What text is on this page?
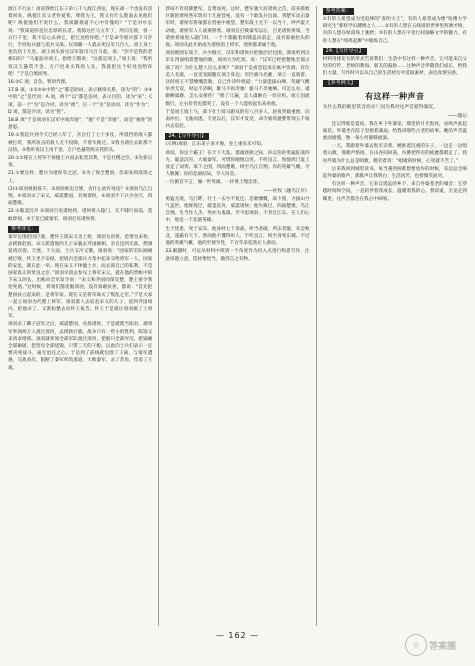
渡江不行去！再说我给江东子弟八千人渡江西征，现在却一个也没有活着回来，纵使江东父老怜爱我，尊我为王，我又有什么脸面去见他们呢？纵使他们不说什么，我项籍难道不心中有愧吗？”于是对亭长说：“我知道你是位忠厚的长者。我骑这匹马五年了，所向无敌，曾一日行千里，我不忍心杀掉它，把它送给你吧。”于是命令骑兵都下马步行，手持短兵器与追兵交战。仅项籍一人就杀死汉军几百人。项王身上也负伤十几处。项王回头看见汉军骑司马吕马童，说：“你不是我的老相识吗？”马童面对项王，指给王翳说：“这就是项王。”项王说：“我听说汉王悬赏千金、万户邑来买我的人头，我就把这个好处送给你吧！”于是自刎而死。

16.②C 项；自负，暂时代理。

17.B 项，①②⑤⑥中的“之”都是助词，表示修饰关系，译为“的”；③④中的“之”是代词；A 项，两个“以”都是连词，表示目的，译为“来”；C 项，前一个“为”是介词，译为“被”，后一个“为”是动词，译为“作为”；D 项，都是介词，译为“把”。

18.B 项“于是项羽在汉军中间奔驰”，“驰”不是“奔驰”，而是“驰进”的意思。

19.①我起兵到今天已经八年了，亲自打了七十多仗，所抵挡的敌人都被打垮，我所攻击的敌人无不投降，不曾失败过。②我为诸位去斩那个汉将。③我听说汉王用千金、万户邑悬赏购买我的头。

20.①①现在上将军不体恤士兵而去私营其利，不是社稷之臣。②先斩后奏。

21.①要这样；楚兵为诸侯军之冠。②为了保全楚国，但却来到战场之上。

(2)①项羽被困垓下。②项羽被迫自刎，为什么放弃进攻？③项羽乌江自刎。④项羽杀了宋义，威震楚国，名闻诸侯。⑤项羽手下兵少食尽，四面楚歌。

22.①破釜沉舟 ②项羽召见诸侯将，诸侯将入辕门，无不膝行而前，莫敢仰视。③于是已破秦军，项羽召见诸侯将。

参考译文：

秦军包围赵国巨鹿，楚怀王派宋义为上将，项羽为次将，范增为末将，去援救赵国。宋义派遣他的儿子宋襄去齐国做相，亲自送到无盐，摆酒宴请宾客。天寒，下大雨，士兵又冷又饿。项羽说：“国家的军队刚刚被打败，怀王坐不安稳，把境内全部兵力集中起来交给将军一人，国家的安危，就在此一举。现在宋义不体恤士兵，而去谋自己的私利，不是国家真正的贤良之臣。”项羽早晨去参见上将军宋义，就在他的营帐中斩下宋义的头，出帐向全军发令说：“宋义和齐国同谋反楚，楚王密令我处死他。”这时候，将领们都畏服项羽，没有谁敢抗拒，都说：“首先把楚国扶立起来的，是将军家。现在又是将军诛灭了叛乱之臣。”于是大家一起立项羽为代理上将军。项羽派人去追赶宋义的儿子，追到齐国境内，把他杀了。又派桓楚去向怀王报告。怀王于是就让项羽做了上将军。

项羽杀了卿子冠军之后，威震楚国，名扬诸侯。于是就派当阳君、蒲将军率领两万人渡过漳河，去援救巨鹿。战争只有一些小的胜利，陈馀又来请求增援。项羽就率领全部军队渡过漳河，把船只全部弄沉，把锅碗全部砸破，把营房全部烧毁，只带三天的干粮，以此向士兵们表示一定要决死战斗，毫无退还之心。于是到了前线就包围了王离，与秦军遭遇，交战多次，阻断了秦军所筑甬道，大败秦军，杀了苏角，俘虏了王离。

涉间不肯投降楚军，自焚而死。这时，楚军强大居诸侯之首，前来援救巨鹿的诸侯各军筑有十几座营垒，没有一个敢发兵出战。到楚军攻击秦军时，诸侯军将领都在营垒中观望。楚军战士无不一以当十，呼声震天动地，诸侯军人人战栗胆寒。项羽在打败秦军以后，召见诸侯将领，当诸侯将领进入辕门时，一个个都跪着用膝盖向前走，没有谁敢抬头仰视。项羽从此开始成为诸侯的上将军，诸侯都隶属于他。

项羽被围在垓下，兵少粮尽，汉军和诸侯兵把他层层包围。深夜听到汉军在四面唱着楚地的歌，项羽大为吃惊，说：“汉军已经把楚地全部占领了吗？为什么楚人这么多呢？”项羽于是夜里起来在帐中饮酒，有位美人名虞，一直受宠跟随在项王身边；有匹骏马名骓，项王一直骑着。这时项王不禁慷慨悲歌，自己作诗吟唱道：“力量能拔山啊，英雄气概举世无双，时运不济啊，骓马不再奔驰！骓马不奔驰啊，可怎么办，虞姬啊虞姬，怎么安排你！”唱了几遍，美人虞姬在一旁应和。项王泪流数行，左右侍者也都哭了，没有一个人能抬起头来看他。

于是项王骑上马，部下壮士骑马跟从的有八百多人，趁夜突破重围，向南冲出，飞驰而逃。天亮以后，汉军才发觉，命令骑将灌婴带领五千骑兵去追赶。

24.【写作导引】

(示例)项羽：江东弟子多才俊，卷土重来未可知。

项羽，你这个霸王！在天下大乱、群雄逐鹿之际，你以你的勇猛征战四方，破釜沉舟，大破秦军。可惜你刚愎自用，不听良言，致使鸿门宴上放走了刘邦，垓下之围，四面楚歌，终至乌江自刎。你的英雄气概，令人敬佩；你的悲剧结局，令人叹息。

一位俯首不言，倾一世英雄，一抔黄土埋忠骨。

——杜牧《题乌江亭》

勇猛无敌，乌江畔，壮士一去兮不复还；悲歌慷慨，垓下围，力拔山兮气盖世。他辉煌过，破釜沉舟，威震诸侯；他失败过，四面楚歌，乌江自刎。生当作人杰，死亦为鬼雄。至今思项羽，不肯过江东。在人们心中，他是一个悲剧英雄。

生于忧患，死于安乐。他身经七十余战，所当者破，所击者服，未尝败北，遂霸有天下。然而他不懂得用人，不听良言，终至身死东城。不过他的英雄气概，他的至情至性，千百年来依然让人感动。

23.解题时，可以从材料中找到一个角度作为切入点进行构思写作，注意审题立意，选材要恰当，做到言之有物。

参考答案：

①有的人希望成为受追捧的“发明大王”，有的人希望成为像“哈佛大学研究生”那样学识渊博之人……②有的人想在五线谱的世界里挥洒才情，有的人想在绿茵场上驰骋；③有的人想在字里行间领略文学的魅力，有的人想在“闻鸡起舞”中锻炼自己。

24.【写作导引】

材料用排比句的形式告诉我们：生活中有这样一种声音，它可能来自父母的叮咛、老师的教诲、朋友的鼓励……这种声音伴随我们成长，给我们力量。写作时可以从自己的生活经历中选取素材，表达真情实感。

【参考例文】
有这样一种声音
为什么我的眼里常含泪水？因为我对这声音爱得深沉。
——题记

还记得那是夏夜，我在乡下外婆家，那里的月光很亮，虫鸣声此起彼伏。外婆坐在院子里摇着蒲扇，给我讲那些古老的故事。她的声音温柔而缓慢，像一条小河静静流淌。

一天，我跟着外婆去集市卖菜。她推着沉重的车子，一边走一边唱着山歌。那歌声悠扬，在山谷间回荡，仿佛把所有的疲惫都唱走了。我问外婆为什么总是唱歌，她笑着说：“唱歌的时候，心里就不苦了。”

后来我回到城里读书，每当遇到困难想要放弃的时候，耳边总会响起外婆的歌声，那歌声让我明白：生活再苦，也要微笑面对。

有这样一种声音，它来自遥远的乡下，来自外婆苍老的嗓音；它穿越时间和空间，一直陪伴着我成长，温暖着我的心。我知道，无论走到哪里，这声音都会在我心中回响。

— 162 —
答	答案圈
